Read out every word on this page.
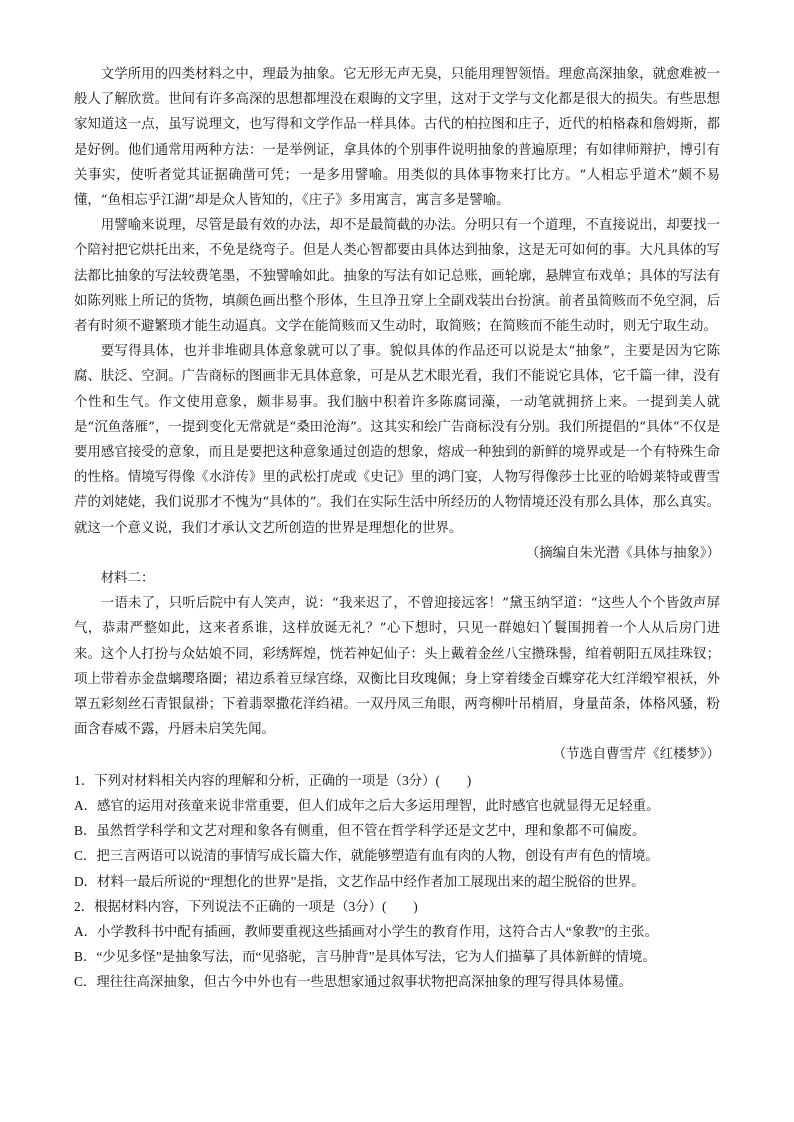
文学所用的四类材料之中，理最为抽象。它无形无声无臭，只能用理智领悟。理愈高深抽象，就愈难被一般人了解欣赏。世间有许多高深的思想都埋没在艰晦的文字里，这对于文学与文化都是很大的损失。有些思想家知道这一点，虽写说理文，也写得和文学作品一样具体。古代的柏拉图和庄子，近代的柏格森和詹姆斯，都是好例。他们通常用两种方法：一是举例证，拿具体的个别事件说明抽象的普遍原理；有如律师辩护，博引有关事实，使听者觉其证据确凿可凭；一是多用譬喻。用类似的具体事物来打比方。“人相忘乎道术”颇不易懂，“鱼相忘乎江湖”却是众人皆知的，《庄子》多用寓言，寓言多是譬喻。

用譬喻来说理，尽管是最有效的办法，却不是最简截的办法。分明只有一个道理，不直接说出，却要找一个陪衬把它烘托出来，不免是绕弯子。但是人类心智都要由具体达到抽象，这是无可如何的事。大凡具体的写法都比抽象的写法较费笔墨，不独譬喻如此。抽象的写法有如记总账，画轮廓，悬牌宣布戏单；具体的写法有如陈列账上所记的货物，填颜色画出整个形体，生旦净丑穿上全副戏装出台扮演。前者虽简赅而不免空洞，后者有时须不避繁琐才能生动逼真。文学在能简赅而又生动时，取简赅；在简赅而不能生动时，则无宁取生动。

要写得具体，也并非堆砌具体意象就可以了事。貌似具体的作品还可以说是太“抽象”，主要是因为它陈腐、肤泛、空洞。广告商标的图画非无具体意象，可是从艺术眼光看，我们不能说它具体，它千篇一律，没有个性和生气。作文使用意象，颇非易事。我们脑中积着许多陈腐词藻，一动笔就拥挤上来。一提到美人就是“沉鱼落雁”，一提到变化无常就是“桑田沧海”。这其实和绘广告商标没有分别。我们所提倡的“具体”不仅是要用感官接受的意象，而且是要把这种意象通过创造的想象，熔成一种独到的新鲜的境界或是一个有特殊生命的性格。情境写得像《水浒传》里的武松打虎或《史记》里的鸿门宴，人物写得像莎士比亚的哈姆莱特或曹雪芹的刘姥姥，我们说那才不愧为“具体的”。我们在实际生活中所经历的人物情境还没有那么具体，那么真实。就这一个意义说，我们才承认文艺所创造的世界是理想化的世界。

（摘编自朱光潜《具体与抽象》）

材料二：

一语未了，只听后院中有人笑声，说：“我来迟了，不曾迎接远客！”黛玉纳罕道：“这些人个个皆敛声屏气，恭肃严整如此，这来者系谁，这样放诞无礼？”心下想时，只见一群媳妇丫鬟围拥着一个人从后房门进来。这个人打扮与众姑娘不同，彩绣辉煌，恍若神妃仙子：头上戴着金丝八宝攒珠髻，绾着朝阳五凤挂珠钗；项上带着赤金盘螭璎珞圈；裙边系着豆绿宫绦，双衡比目玫瑰佩；身上穿着缕金百蝶穿花大红洋缎窄裉袄，外罩五彩刻丝石青银鼠褂；下着翡翠撒花洋绉裙。一双丹凤三角眼，两弯柳叶吊梢眉，身量苗条，体格风骚，粉面含春威不露，丹唇未启笑先闻。

（节选自曹雪芹《红楼梦》）

1．下列对材料相关内容的理解和分析，正确的一项是（3分）(　　)

A．感官的运用对孩童来说非常重要，但人们成年之后大多运用理智，此时感官也就显得无足轻重。

B．虽然哲学科学和文艺对理和象各有侧重，但不管在哲学科学还是文艺中，理和象都不可偏废。

C．把三言两语可以说清的事情写成长篇大作，就能够塑造有血有肉的人物，创设有声有色的情境。

D．材料一最后所说的“理想化的世界”是指，文艺作品中经作者加工展现出来的超尘脱俗的世界。

2．根据材料内容，下列说法不正确的一项是（3分）(　　)

A．小学教科书中配有插画，教师要重视这些插画对小学生的教育作用，这符合古人“象教”的主张。

B．“少见多怪”是抽象写法，而“见骆驼，言马肿背”是具体写法，它为人们描摹了具体新鲜的情境。

C．理往往高深抽象，但古今中外也有一些思想家通过叙事状物把高深抽象的理写得具体易懂。
